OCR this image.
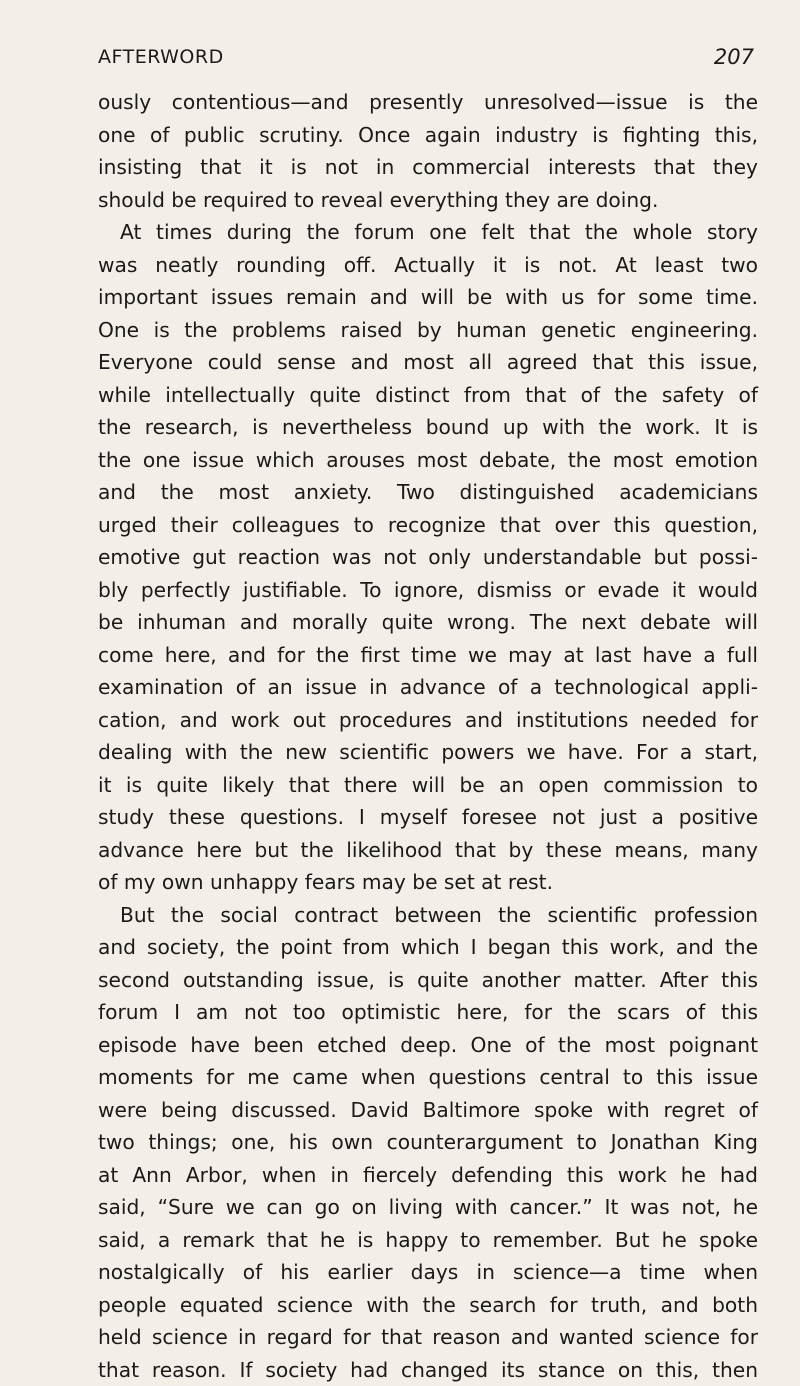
AFTERWORD	207
ously contentious—and presently unresolved—issue is the
one of public scrutiny. Once again industry is fighting this,
insisting that it is not in commercial interests that they
should be required to reveal everything they are doing.
At times during the forum one felt that the whole story
was neatly rounding off. Actually it is not. At least two
important issues remain and will be with us for some time.
One is the problems raised by human genetic engineering.
Everyone could sense and most all agreed that this issue,
while intellectually quite distinct from that of the safety of
the research, is nevertheless bound up with the work. It is
the one issue which arouses most debate, the most emotion
and the most anxiety. Two distinguished academicians
urged their colleagues to recognize that over this question,
emotive gut reaction was not only understandable but possi-
bly perfectly justifiable. To ignore, dismiss or evade it would
be inhuman and morally quite wrong. The next debate will
come here, and for the first time we may at last have a full
examination of an issue in advance of a technological appli-
cation, and work out procedures and institutions needed for
dealing with the new scientific powers we have. For a start,
it is quite likely that there will be an open commission to
study these questions. I myself foresee not just a positive
advance here but the likelihood that by these means, many
of my own unhappy fears may be set at rest.
But the social contract between the scientific profession
and society, the point from which I began this work, and the
second outstanding issue, is quite another matter. After this
forum I am not too optimistic here, for the scars of this
episode have been etched deep. One of the most poignant
moments for me came when questions central to this issue
were being discussed. David Baltimore spoke with regret of
two things; one, his own counterargument to Jonathan King
at Ann Arbor, when in fiercely defending this work he had
said, “Sure we can go on living with cancer.” It was not, he
said, a remark that he is happy to remember. But he spoke
nostalgically of his earlier days in science—a time when
people equated science with the search for truth, and both
held science in regard for that reason and wanted science for
that reason. If society had changed its stance on this, then
